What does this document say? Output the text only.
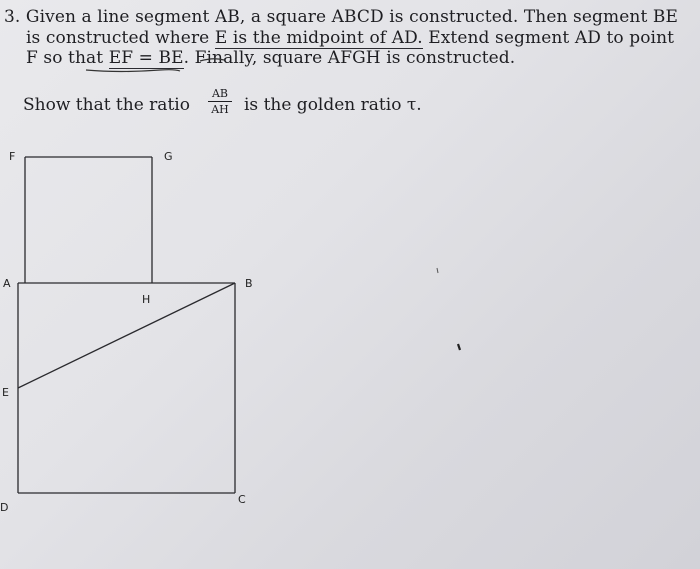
3. Given a line segment AB, a square ABCD is constructed. Then segment BE
is constructed where E is the midpoint of AD. Extend segment AD to point
F so that EF = BE. Finally, square AFGH is constructed.
Show that the ratio
AB
AH is the golden ratio τ.
F	G
A	B
H
E
D
C
